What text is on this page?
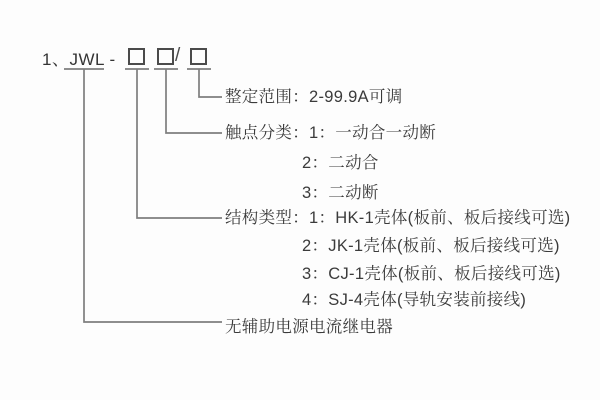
1、JWL -	/
整定范围：2-99.9A可调
触点分类：1：一动合一动断
2：二动合
3：二动断
结构类型：1：HK-1壳体(板前、板后接线可选)
2：JK-1壳体(板前、板后接线可选)
3：CJ-1壳体(板前、板后接线可选)
4：SJ-4壳体(导轨安装前接线)
无辅助电源电流继电器
